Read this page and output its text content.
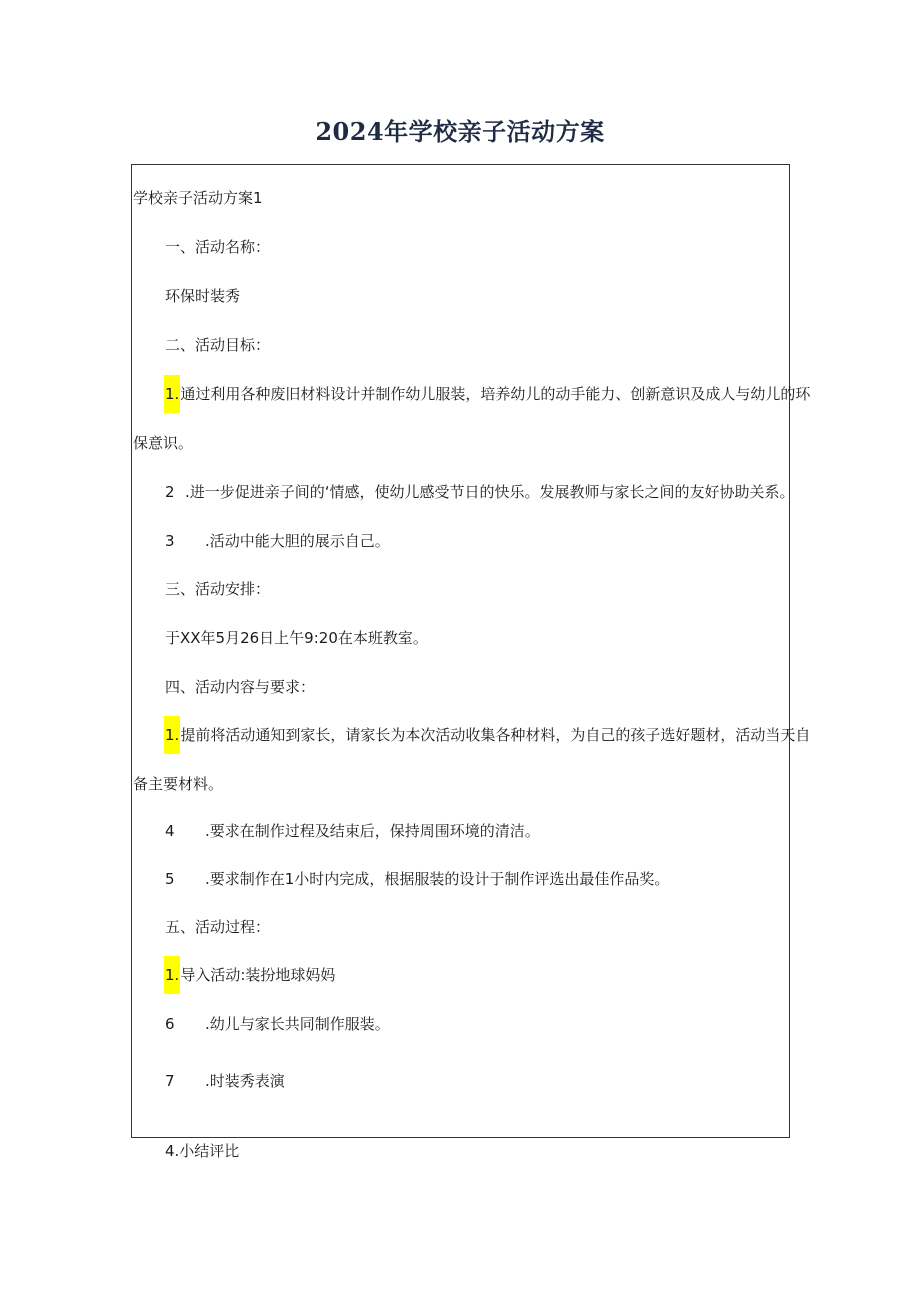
2024年学校亲子活动方案
学校亲子活动方案1
一、活动名称：
环保时装秀
二、活动目标：
1.通过利用各种废旧材料设计并制作幼儿服装，培养幼儿的动手能力、创新意识及成人与幼儿的环
保意识。
2 .进一步促进亲子间的‘情感，使幼儿感受节日的快乐。发展教师与家长之间的友好协助关系。
3 .活动中能大胆的展示自己。
三、活动安排：
于XX年5月26日上午9:20在本班教室。
四、活动内容与要求：
1.提前将活动通知到家长，请家长为本次活动收集各种材料，为自己的孩子选好题材，活动当天自
备主要材料。
4 .要求在制作过程及结束后，保持周围环境的清洁。
5 .要求制作在1小时内完成，根据服装的设计于制作评选出最佳作品奖。
五、活动过程：
1.导入活动:装扮地球妈妈
6 .幼儿与家长共同制作服装。
7 .时装秀表演
4.小结评比
